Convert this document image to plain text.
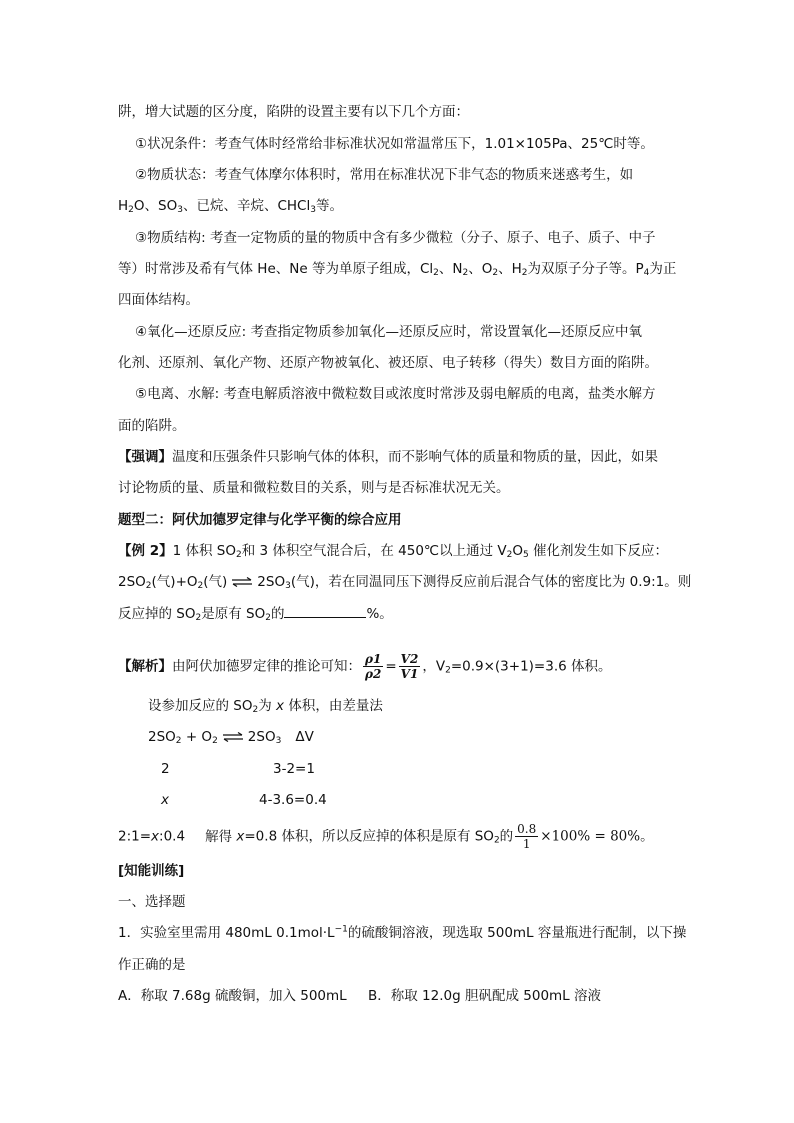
阱，增大试题的区分度，陷阱的设置主要有以下几个方面：
①状况条件：考查气体时经常给非标准状况如常温常压下，1.01×105Pa、25℃时等。
②物质状态：考查气体摩尔体积时，常用在标准状况下非气态的物质来迷惑考生，如
$H_2O$、$SO_3$、已烷、辛烷、CHCl$_3$等。
③物质结构: 考查一定物质的量的物质中含有多少微粒（分子、原子、电子、质子、中子
等）时常涉及希有气体 He、Ne 等为单原子组成，$Cl_2$、$N_2$、$O_2$、$H_2$为双原子分子等。$P_4$为正
四面体结构。
④氧化—还原反应: 考查指定物质参加氧化—还原反应时，常设置氧化—还原反应中氧
化剂、还原剂、氧化产物、还原产物被氧化、被还原、电子转移（得失）数目方面的陷阱。
⑤电离、水解: 考查电解质溶液中微粒数目或浓度时常涉及弱电解质的电离，盐类水解方
面的陷阱。
【强调】温度和压强条件只影响气体的体积，而不影响气体的质量和物质的量，因此，如果
讨论物质的量、质量和微粒数目的关系，则与是否标准状况无关。
题型二：阿伏加德罗定律与化学平衡的综合应用
【例 2】1 体积 $SO_2$和 3 体积空气混合后，在 450℃以上通过 $V_2O_5$ 催化剂发生如下反应：
$2SO_2$(气)$+O_2$(气) ⇌ $2SO_3$(气)，若在同温同压下测得反应前后混合气体的密度比为 0.9:1。则
反应掉的 $SO_2$是原有 $SO_2$的	%。
【解析】由阿伏加德罗定律的推论可知： $\frac{\rho 1}{\rho 2} = \frac{V2}{V1}$ ，$V_2=0.9\times(3+1)=3.6$ 体积。
设参加反应的 $SO_2$为 x 体积，由差量法
$2SO_2 + O_2$ ⇌ $2SO_3$ ΔV
2	3-2=1
x	4-3.6=0.4
2:1=x:0.4 解得 x=0.8 体积，所以反应掉的体积是原有 $SO_2$的 $\frac{0.8}{1} \times 100\% = 80\%$。
[知能训练]
一、选择题
1．实验室里需用 480mL $0.1mol\cdot L^{-1}$的硫酸铜溶液，现选取 500mL 容量瓶进行配制，以下操
作正确的是
A．称取 7.68g 硫酸铜，加入 500mL B．称取 12.0g 胆矾配成 500mL 溶液
